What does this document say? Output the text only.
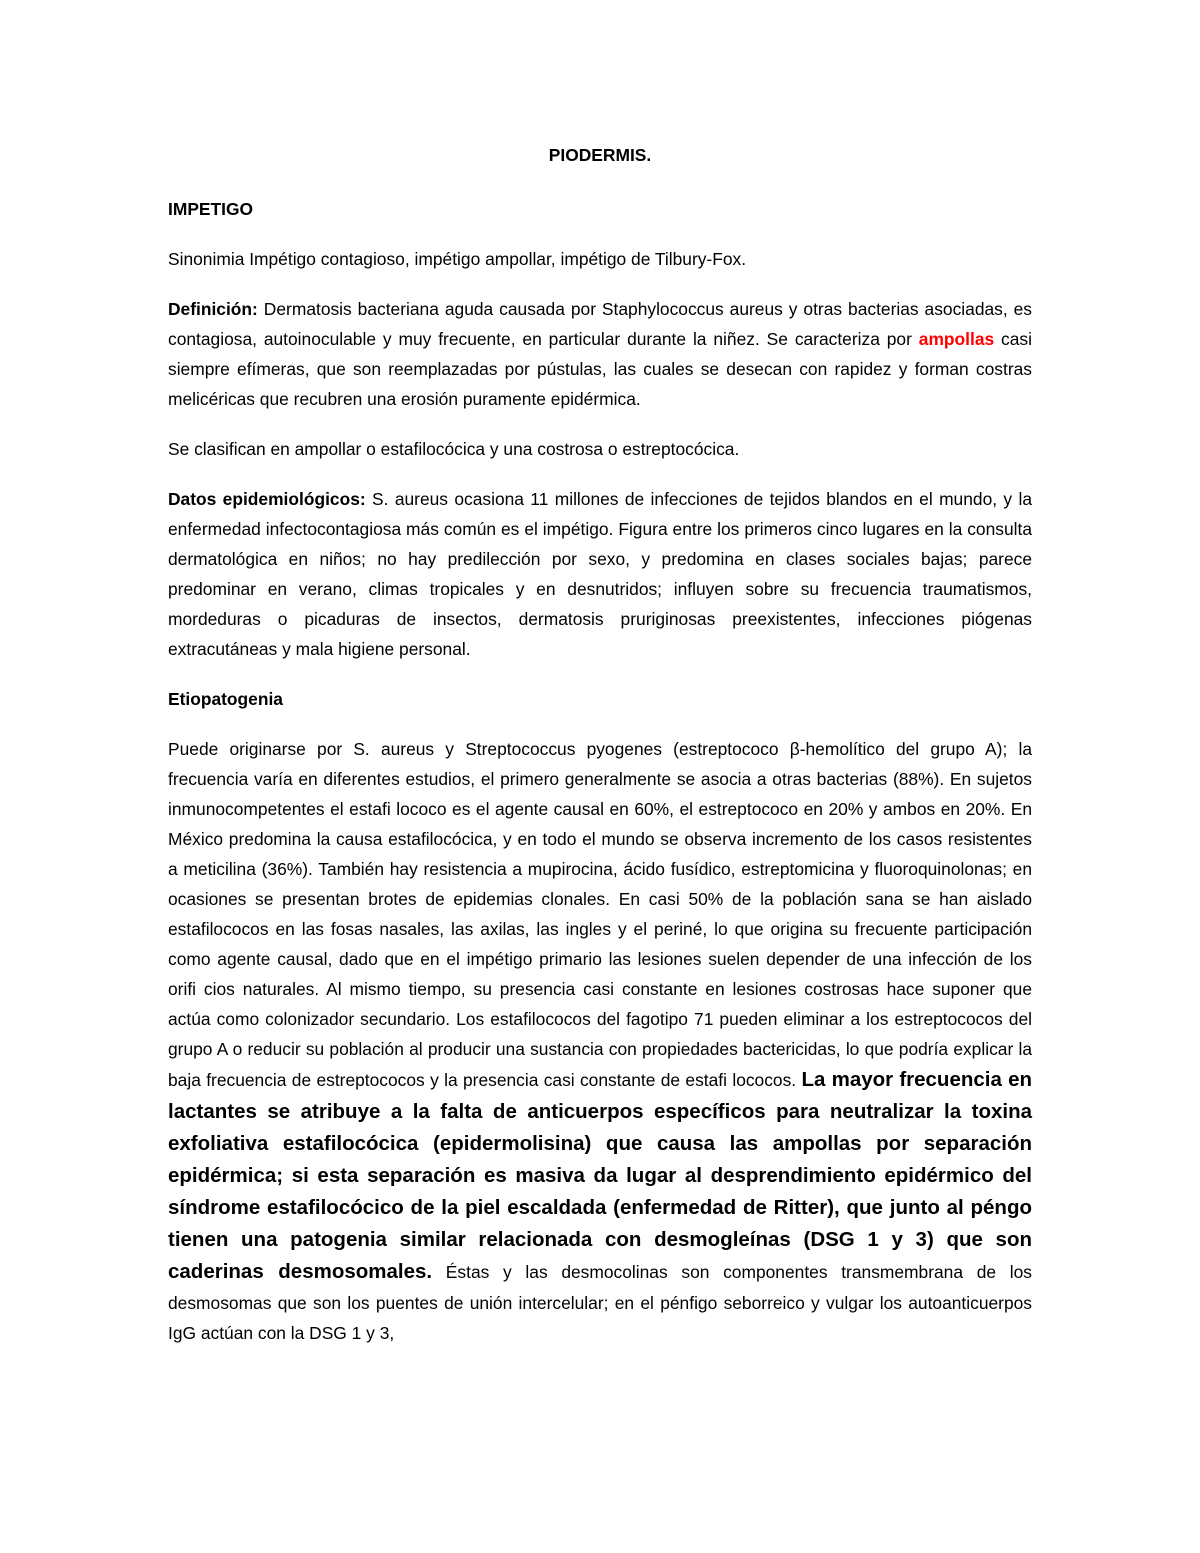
PIODERMIS.
IMPETIGO

Sinonimia Impétigo contagioso, impétigo ampollar, impétigo de Tilbury-Fox.

Definición: Dermatosis bacteriana aguda causada por Staphylococcus aureus y otras bacterias asociadas, es contagiosa, autoinoculable y muy frecuente, en particular durante la niñez. Se caracteriza por ampollas casi siempre efímeras, que son reemplazadas por pústulas, las cuales se desecan con rapidez y forman costras melicéricas que recubren una erosión puramente epidérmica.

Se clasifican en ampollar o estafilocócica y una costrosa o estreptocócica.

Datos epidemiológicos: S. aureus ocasiona 11 millones de infecciones de tejidos blandos en el mundo, y la enfermedad infectocontagiosa más común es el impétigo. Figura entre los primeros cinco lugares en la consulta dermatológica en niños; no hay predilección por sexo, y predomina en clases sociales bajas; parece predominar en verano, climas tropicales y en desnutridos; influyen sobre su frecuencia traumatismos, mordeduras o picaduras de insectos, dermatosis pruriginosas preexistentes, infecciones piógenas extracutáneas y mala higiene personal.

Etiopatogenia

Puede originarse por S. aureus y Streptococcus pyogenes (estreptococo β-hemolítico del grupo A); la frecuencia varía en diferentes estudios, el primero generalmente se asocia a otras bacterias (88%). En sujetos inmunocompetentes el estafi lococo es el agente causal en 60%, el estreptococo en 20% y ambos en 20%. En México predomina la causa estafilocócica, y en todo el mundo se observa incremento de los casos resistentes a meticilina (36%). También hay resistencia a mupirocina, ácido fusídico, estreptomicina y fluoroquinolonas; en ocasiones se presentan brotes de epidemias clonales. En casi 50% de la población sana se han aislado estafilococos en las fosas nasales, las axilas, las ingles y el periné, lo que origina su frecuente participación como agente causal, dado que en el impétigo primario las lesiones suelen depender de una infección de los orifi cios naturales. Al mismo tiempo, su presencia casi constante en lesiones costrosas hace suponer que actúa como colonizador secundario. Los estafilococos del fagotipo 71 pueden eliminar a los estreptococos del grupo A o reducir su población al producir una sustancia con propiedades bactericidas, lo que podría explicar la baja frecuencia de estreptococos y la presencia casi constante de estafi lococos. La mayor frecuencia en lactantes se atribuye a la falta de anticuerpos específicos para neutralizar la toxina exfoliativa estafilocócica (epidermolisina) que causa las ampollas por separación epidérmica; si esta separación es masiva da lugar al desprendimiento epidérmico del síndrome estafilocócico de la piel escaldada (enfermedad de Ritter), que junto al péngo tienen una patogenia similar relacionada con desmogleínas (DSG 1 y 3) que son caderinas desmosomales. Éstas y las desmocolinas son componentes transmembrana de los desmosomas que son los puentes de unión intercelular; en el pénfigo seborreico y vulgar los autoanticuerpos IgG actúan con la DSG 1 y 3,
